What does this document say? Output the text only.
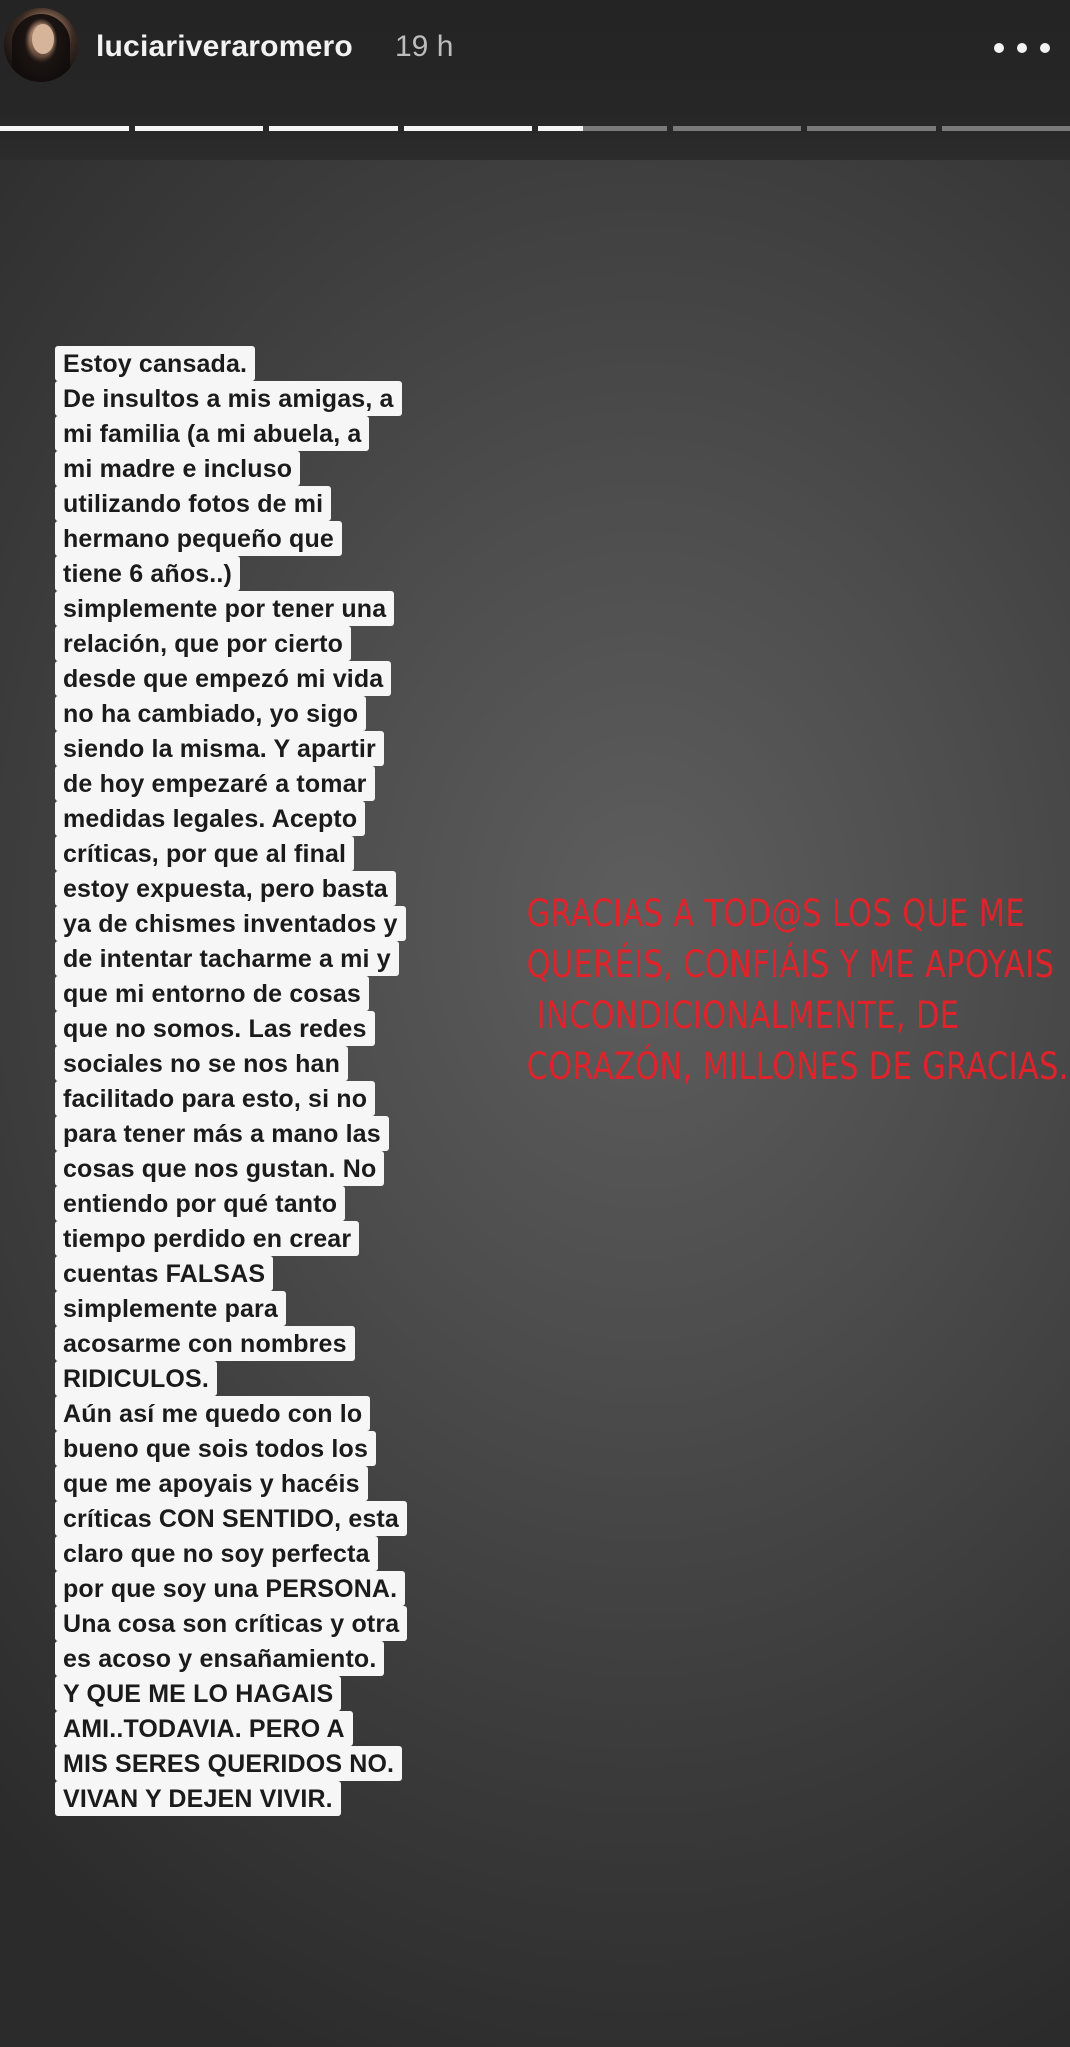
luciariveraromero 19 h
Estoy cansada.
De insultos a mis amigas, a
mi familia (a mi abuela, a
mi madre e incluso
utilizando fotos de mi
hermano pequeño que
tiene 6 años..)
simplemente por tener una
relación, que por cierto
desde que empezó mi vida
no ha cambiado, yo sigo
siendo la misma. Y apartir
de hoy empezaré a tomar
medidas legales. Acepto
críticas, por que al final
estoy expuesta, pero basta
ya de chismes inventados y
de intentar tacharme a mi y
que mi entorno de cosas
que no somos. Las redes
sociales no se nos han
facilitado para esto, si no
para tener más a mano las
cosas que nos gustan. No
entiendo por qué tanto
tiempo perdido en crear
cuentas FALSAS
simplemente para
acosarme con nombres
RIDICULOS.
Aún así me quedo con lo
bueno que sois todos los
que me apoyais y hacéis
críticas CON SENTIDO, esta
claro que no soy perfecta
por que soy una PERSONA.
Una cosa son críticas y otra
es acoso y ensañamiento.
Y QUE ME LO HAGAIS
AMI..TODAVIA. PERO A
MIS SERES QUERIDOS NO.
VIVAN Y DEJEN VIVIR.
GRACIAS A TOD@S LOS QUE ME
QUERÉIS, CONFIÁIS Y ME APOYAIS
INCONDICIONALMENTE, DE
CORAZÓN, MILLONES DE GRACIAS.
